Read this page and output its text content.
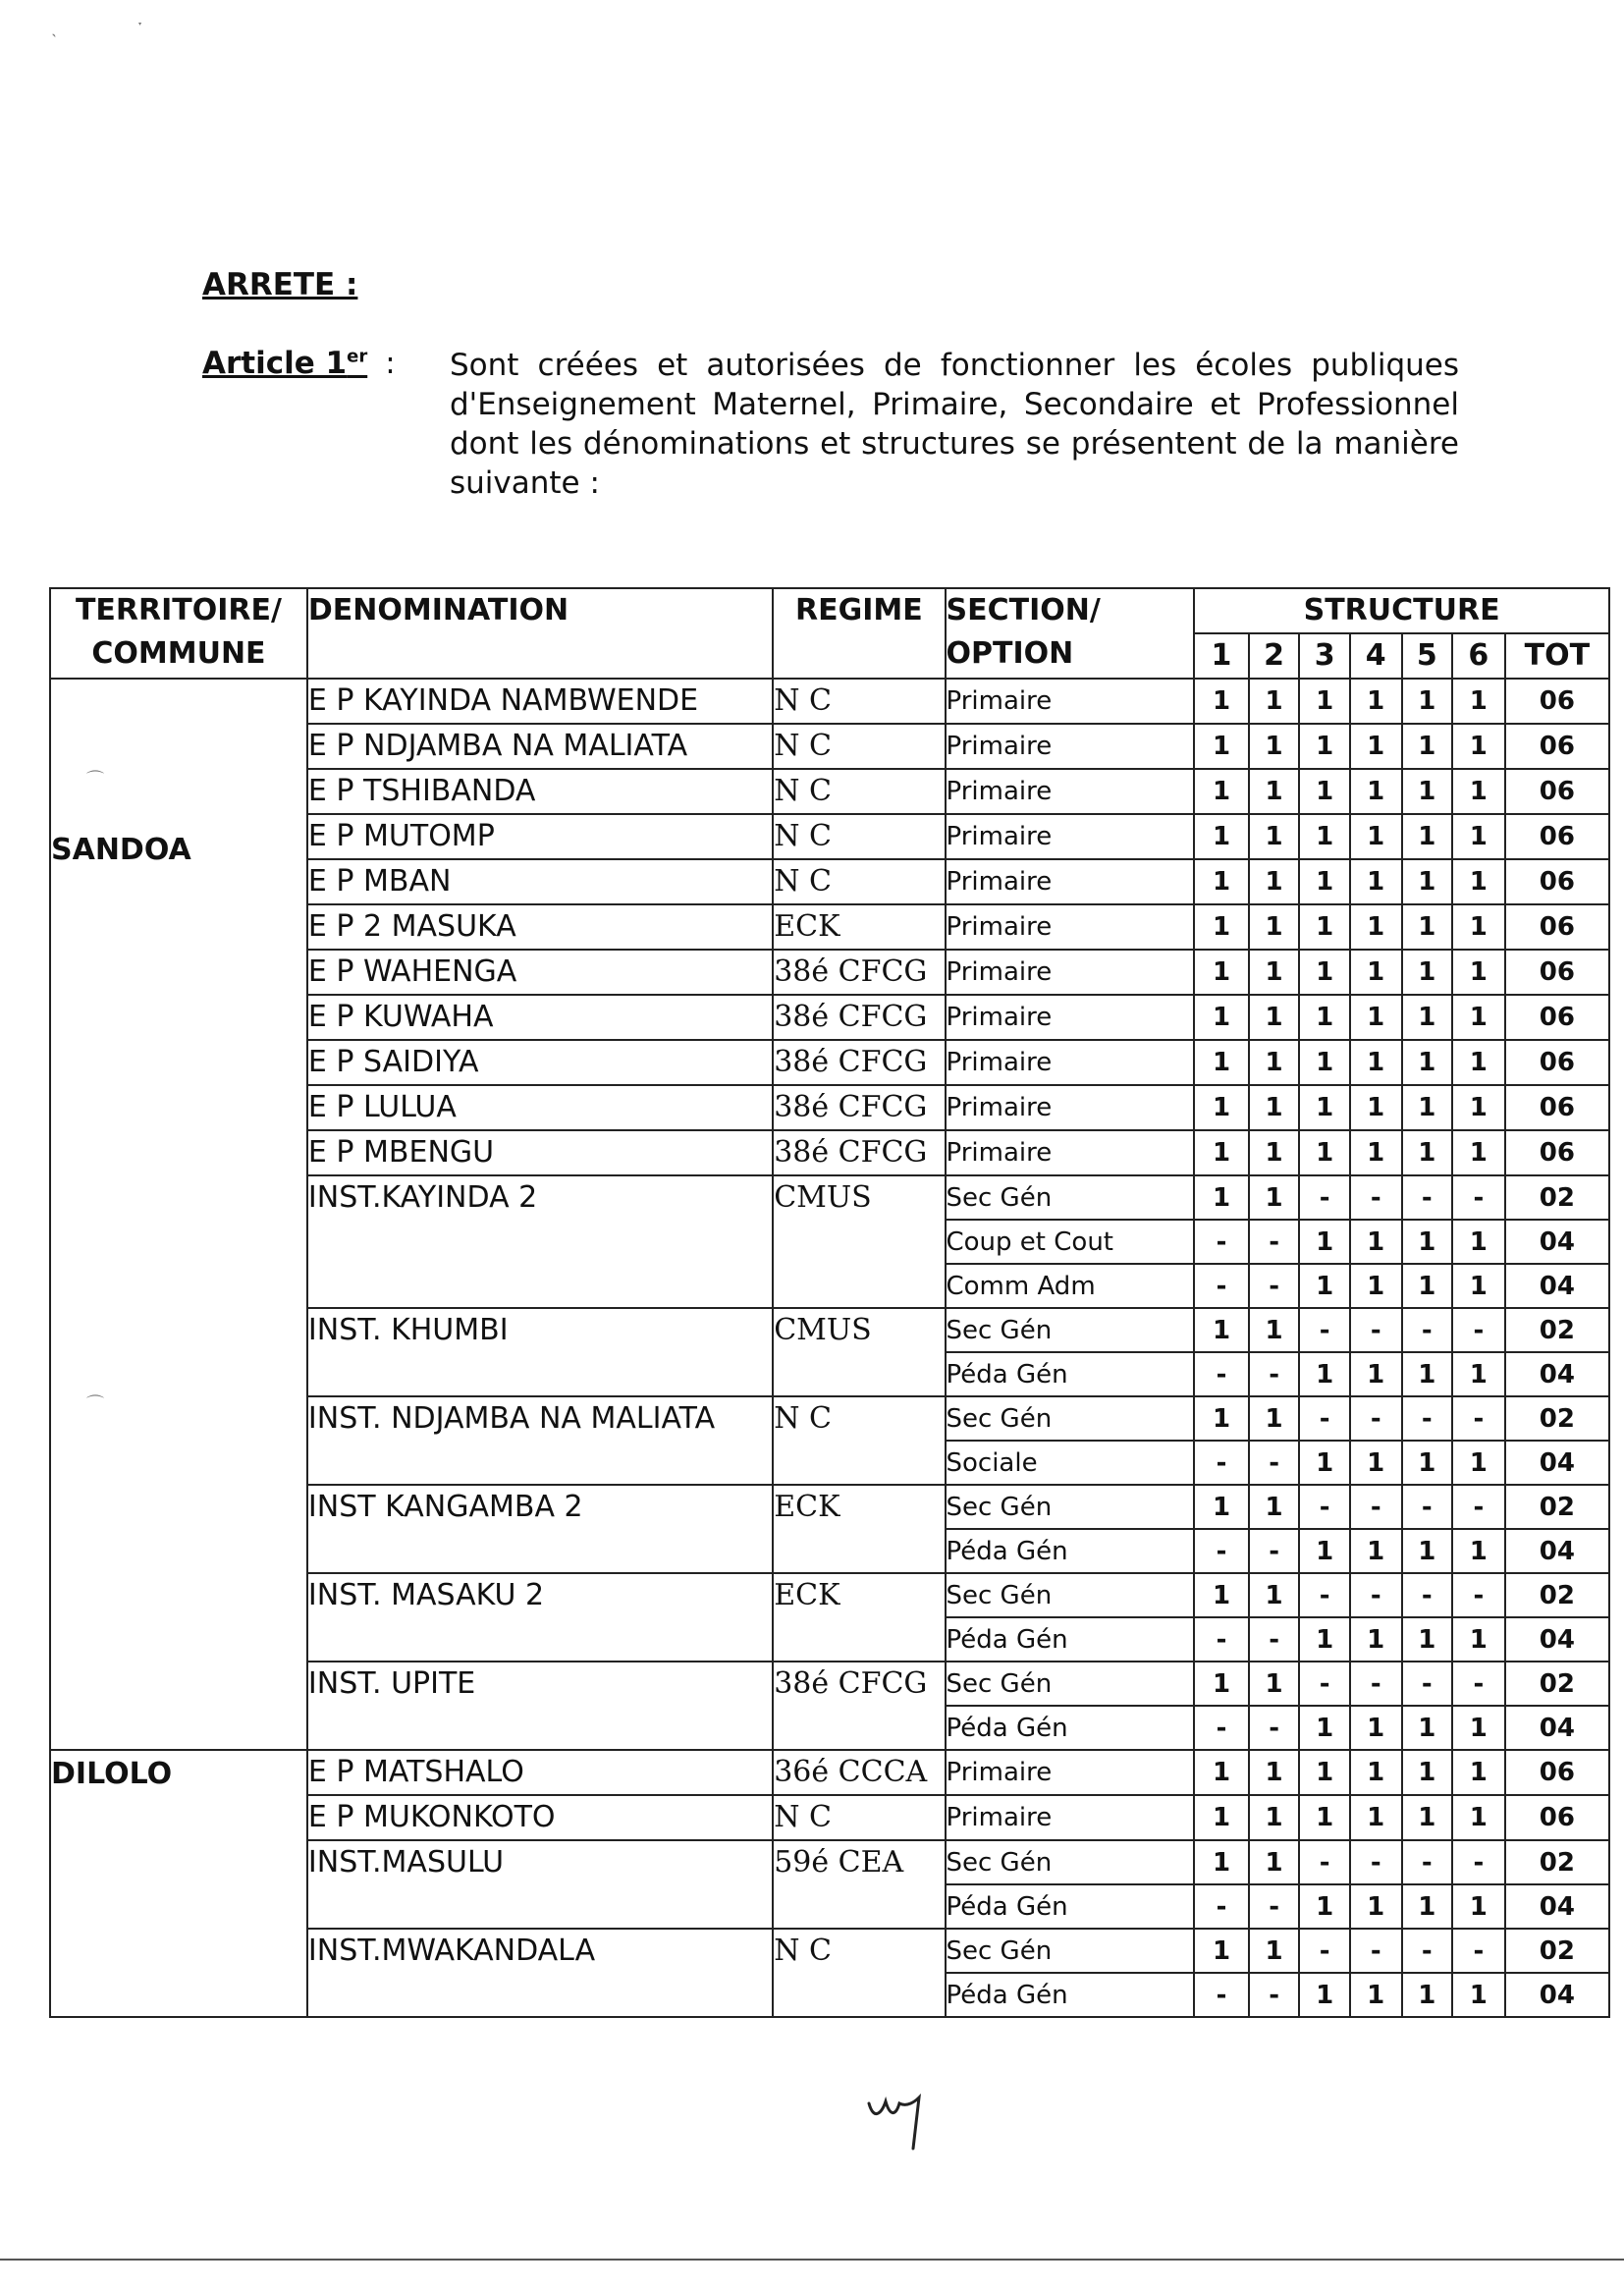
ARRETE :
Article 1er : Sont créées et autorisées de fonctionner les écoles publiques d'Enseignement Maternel, Primaire, Secondaire et Professionnel dont les dénominations et structures se présentent de la manière suivante :
TERRITOIRE/ COMMUNE	DENOMINATION	REGIME	SECTION/ OPTION	STRUCTURE						
				1	2	3	4	5	6	TOT

SANDOA	E P KAYINDA NAMBWENDE	N C	Primaire	1	1	1	1	1	1	06
	E P NDJAMBA NA MALIATA	N C	Primaire	1	1	1	1	1	1	06
	E P TSHIBANDA	N C	Primaire	1	1	1	1	1	1	06
	E P MUTOMP	N C	Primaire	1	1	1	1	1	1	06
	E P MBAN	N C	Primaire	1	1	1	1	1	1	06
	E P 2 MASUKA	ECK	Primaire	1	1	1	1	1	1	06
	E P WAHENGA	38é CFCG	Primaire	1	1	1	1	1	1	06
	E P KUWAHA	38é CFCG	Primaire	1	1	1	1	1	1	06
	E P SAIDIYA	38é CFCG	Primaire	1	1	1	1	1	1	06
	E P LULUA	38é CFCG	Primaire	1	1	1	1	1	1	06
	E P MBENGU	38é CFCG	Primaire	1	1	1	1	1	1	06
	INST.KAYINDA 2	CMUS	Sec Gén	1	1	-	-	-	-	02
			Coup et Cout	-	-	1	1	1	1	04
			Comm Adm	-	-	1	1	1	1	04
	INST. KHUMBI	CMUS	Sec Gén	1	1	-	-	-	-	02
			Péda Gén	-	-	1	1	1	1	04
	INST. NDJAMBA NA MALIATA	N C	Sec Gén	1	1	-	-	-	-	02
			Sociale	-	-	1	1	1	1	04
	INST KANGAMBA 2	ECK	Sec Gén	1	1	-	-	-	-	02
			Péda Gén	-	-	1	1	1	1	04
	INST. MASAKU 2	ECK	Sec Gén	1	1	-	-	-	-	02
			Péda Gén	-	-	1	1	1	1	04
	INST. UPITE	38é CFCG	Sec Gén	1	1	-	-	-	-	02
			Péda Gén	-	-	1	1	1	1	04

DILOLO	E P MATSHALO	36é CCCA	Primaire	1	1	1	1	1	1	06
	E P MUKONKOTO	N C	Primaire	1	1	1	1	1	1	06
	INST.MASULU	59é CEA	Sec Gén	1	1	-	-	-	-	02
			Péda Gén	-	-	1	1	1	1	04
	INST.MWAKANDALA	N C	Sec Gén	1	1	-	-	-	-	02
			Péda Gén	-	-	1	1	1	1	04
˴	ˑ
⌒
⌒
